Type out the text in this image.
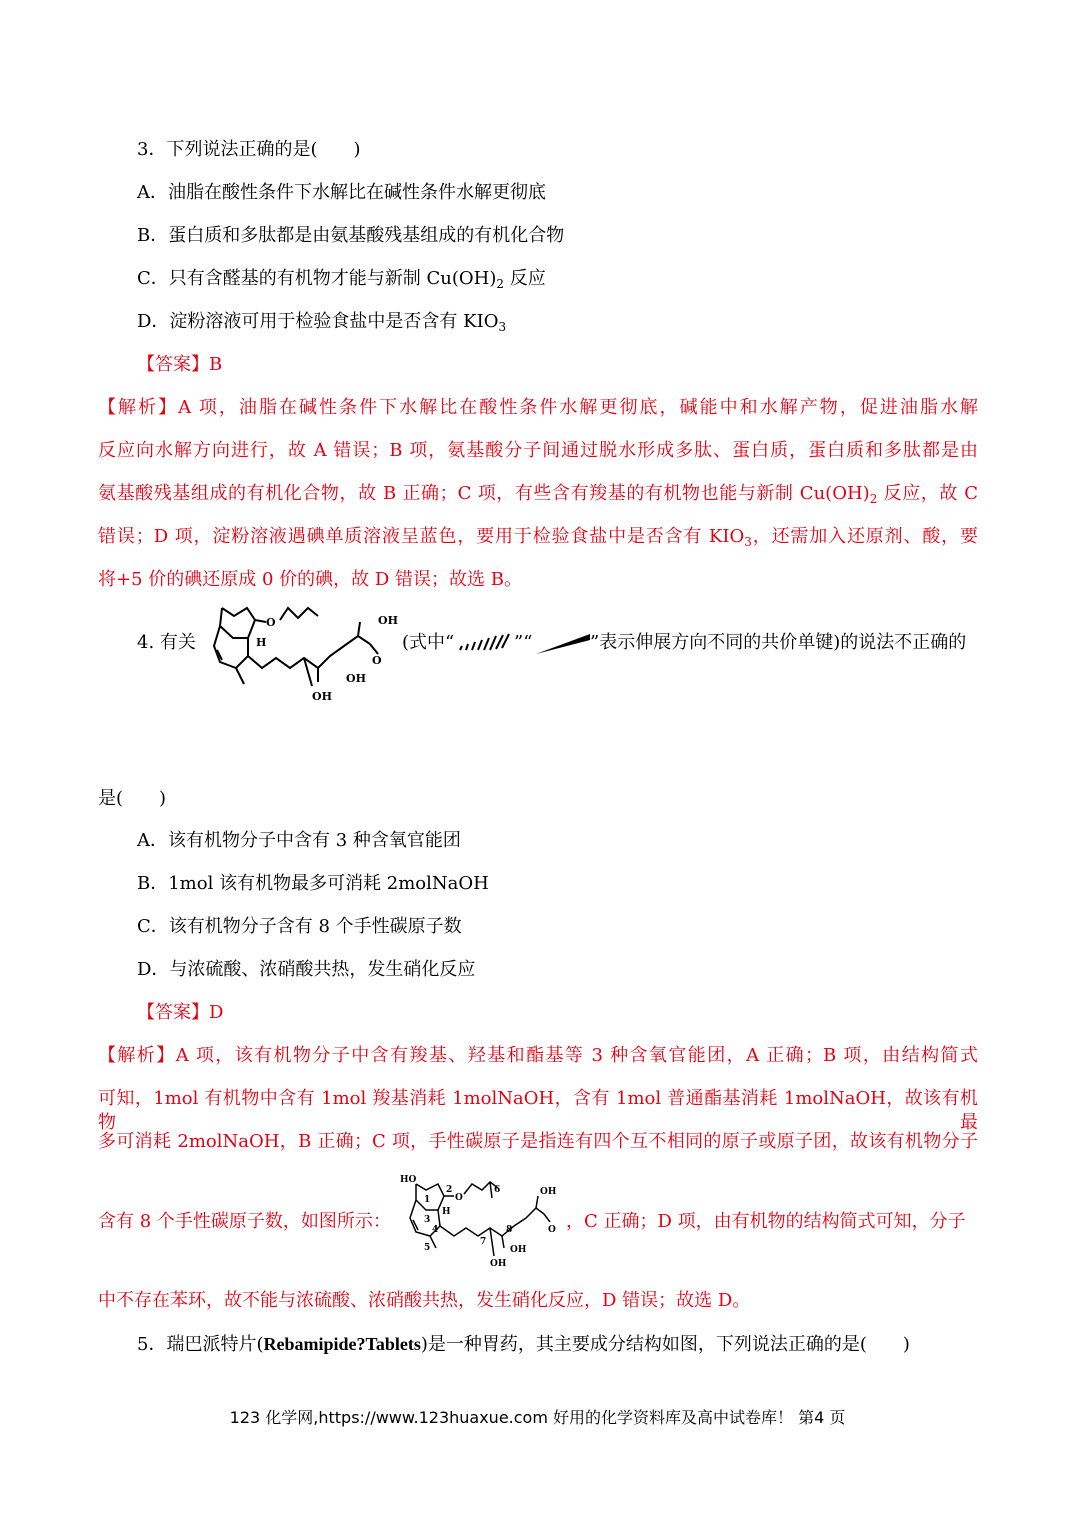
3．下列说法正确的是(　　)
A．油脂在酸性条件下水解比在碱性条件水解更彻底
B．蛋白质和多肽都是由氨基酸残基组成的有机化合物
C．只有含醛基的有机物才能与新制 $Cu(OH)_2$ 反应
D．淀粉溶液可用于检验食盐中是否含有 $KIO_3$
【答案】B
【解析】A 项，油脂在碱性条件下水解比在酸性条件水解更彻底，碱能中和水解产物，促进油脂水解
反应向水解方向进行，故 A 错误；B 项，氨基酸分子间通过脱水形成多肽、蛋白质，蛋白质和多肽都是由
氨基酸残基组成的有机化合物，故 B 正确；C 项，有些含有羧基的有机物也能与新制 $Cu(OH)_2$ 反应，故 C
错误；D 项，淀粉溶液遇碘单质溶液呈蓝色，要用于检验食盐中是否含有 $KIO_3$，还需加入还原剂、酸，要
将+5 价的碘还原成 0 价的碘，故 D 错误；故选 B。
4. 有关
O
H
OH
O
OH
OH
(式中“	”“	”表示伸展方向不同的共价单键)的说法不正确的
是(　　)
A．该有机物分子中含有 3 种含氧官能团
B．1mol 该有机物最多可消耗 2molNaOH
C．该有机物分子含有 8 个手性碳原子数
D．与浓硫酸、浓硝酸共热，发生硝化反应
【答案】D
【解析】A 项，该有机物分子中含有羧基、羟基和酯基等 3 种含氧官能团，A 正确；B 项，由结构简式
可知，1mol 有机物中含有 1mol 羧基消耗 1molNaOH，含有 1mol 普通酯基消耗 1molNaOH，故该有机物最
多可消耗 2molNaOH，B 正确；C 项，手性碳原子是指连有四个互不相同的原子或原子团，故该有机物分子
含有 8 个手性碳原子数，如图所示：
HO
1
2
O
3
H
4
5
6
7
8
OH
O
OH
OH
，C 正确；D 项，由有机物的结构简式可知，分子
中不存在苯环，故不能与浓硫酸、浓硝酸共热，发生硝化反应，D 错误；故选 D。
5．瑞巴派特片(Rebamipide?Tablets)是一种胃药，其主要成分结构如图，下列说法正确的是(　　)
123 化学网,https://www.123huaxue.com 好用的化学资料库及高中试卷库！ 第4 页
